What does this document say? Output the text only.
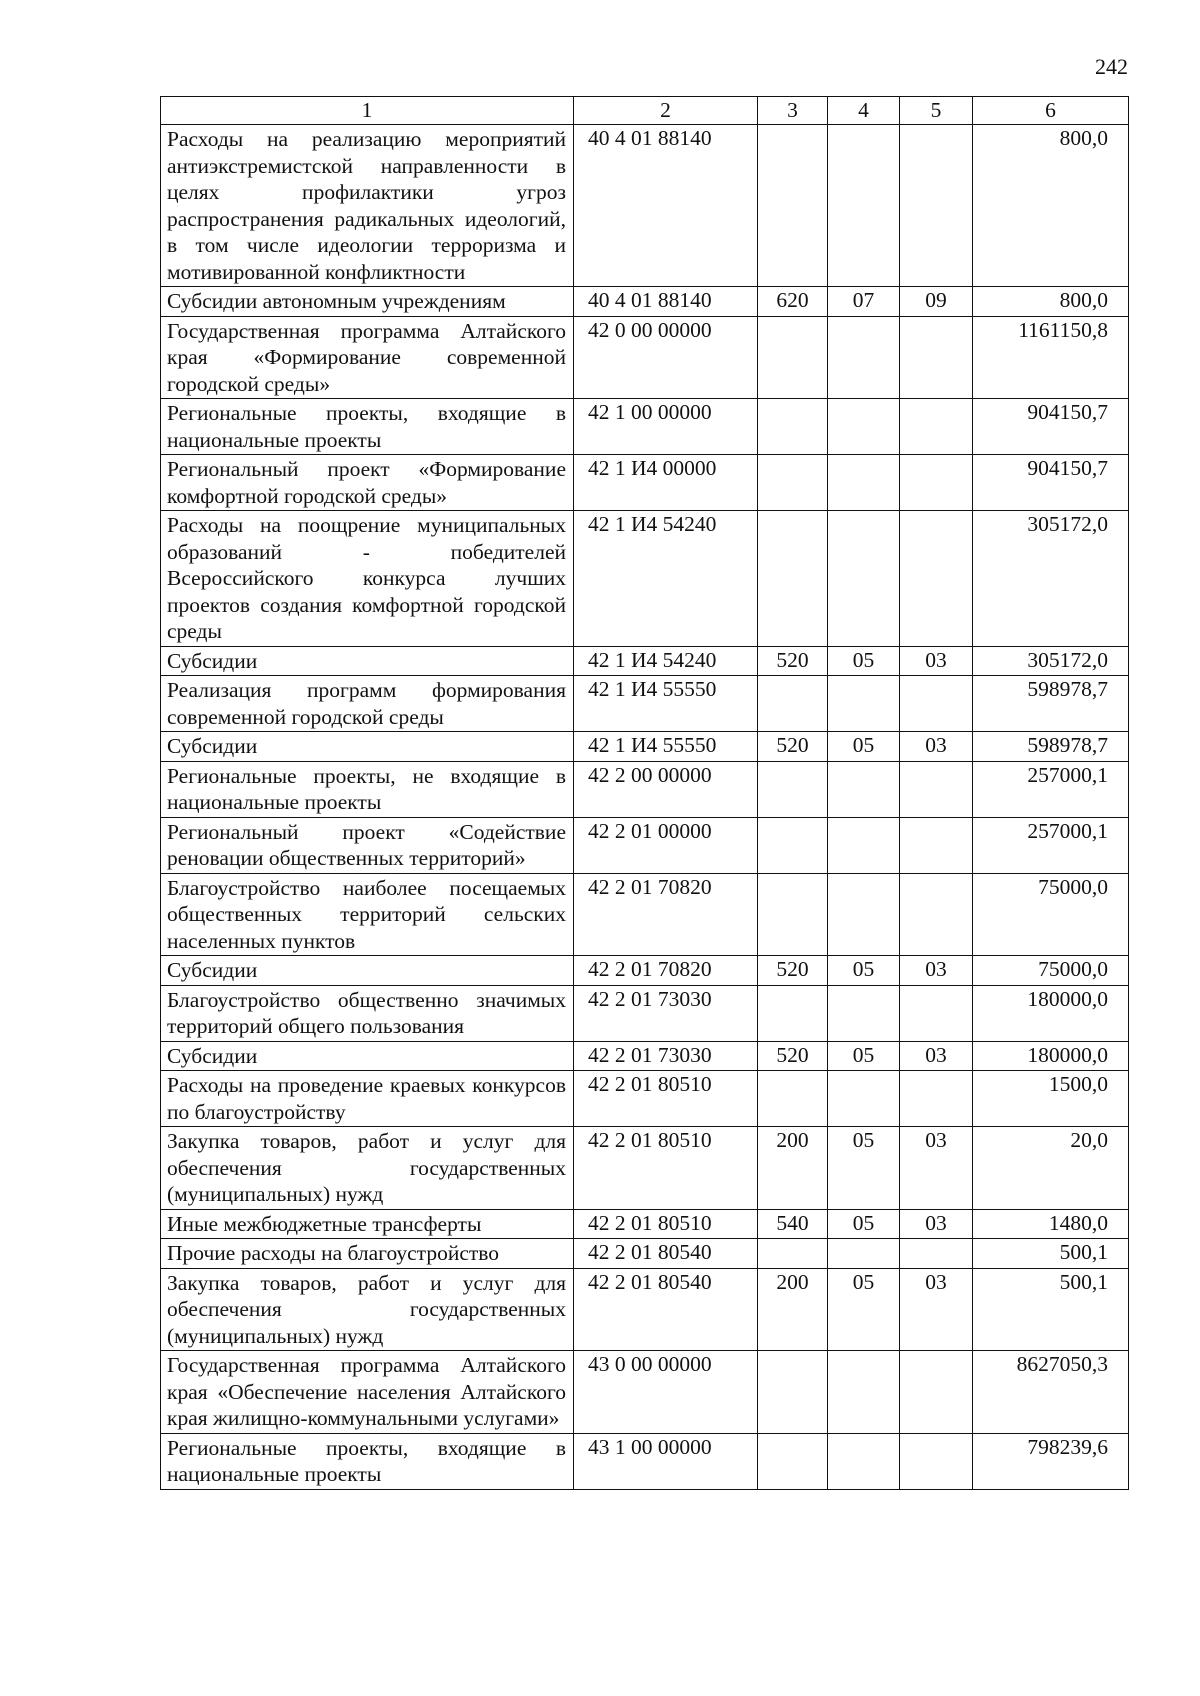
242
1	2	3	4	5	6
Расходы на реализацию мероприятий антиэкстремистской направленности в целях профилактики угроз распространения радикальных идеологий, в том числе идеологии терроризма и мотивированной конфликтности	40 4 01 88140				800,0
Субсидии автономным учреждениям	40 4 01 88140	620	07	09	800,0
Государственная программа Алтайского края «Формирование современной городской среды»	42 0 00 00000				1161150,8
Региональные проекты, входящие в национальные проекты	42 1 00 00000				904150,7
Региональный проект «Формирование комфортной городской среды»	42 1 И4 00000				904150,7
Расходы на поощрение муниципальных образований - победителей Всероссийского конкурса лучших проектов создания комфортной городской среды	42 1 И4 54240				305172,0
Субсидии	42 1 И4 54240	520	05	03	305172,0
Реализация программ формирования современной городской среды	42 1 И4 55550				598978,7
Субсидии	42 1 И4 55550	520	05	03	598978,7
Региональные проекты, не входящие в национальные проекты	42 2 00 00000				257000,1
Региональный проект «Содействие реновации общественных территорий»	42 2 01 00000				257000,1
Благоустройство наиболее посещаемых общественных территорий сельских населенных пунктов	42 2 01 70820				75000,0
Субсидии	42 2 01 70820	520	05	03	75000,0
Благоустройство общественно значимых территорий общего пользования	42 2 01 73030				180000,0
Субсидии	42 2 01 73030	520	05	03	180000,0
Расходы на проведение краевых конкурсов по благоустройству	42 2 01 80510				1500,0
Закупка товаров, работ и услуг для обеспечения государственных (муниципальных) нужд	42 2 01 80510	200	05	03	20,0
Иные межбюджетные трансферты	42 2 01 80510	540	05	03	1480,0
Прочие расходы на благоустройство	42 2 01 80540				500,1
Закупка товаров, работ и услуг для обеспечения государственных (муниципальных) нужд	42 2 01 80540	200	05	03	500,1
Государственная программа Алтайского края «Обеспечение населения Алтайского края жилищно-коммунальными услугами»	43 0 00 00000				8627050,3
Региональные проекты, входящие в национальные проекты	43 1 00 00000				798239,6
